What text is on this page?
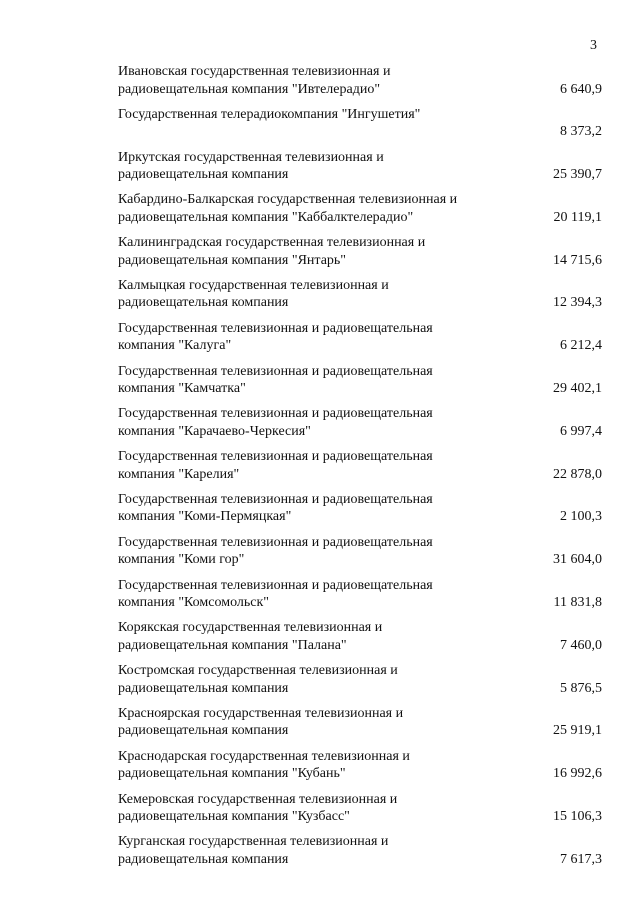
3
Ивановская государственная телевизионная и радиовещательная компания "Ивтелерадио"	6 640,9
Государственная телерадиокомпания "Ингушетия"
8 373,2
Иркутская государственная телевизионная и радиовещательная компания	25 390,7
Кабардино-Балкарская государственная телевизионная и радиовещательная компания "Каббалктелерадио"	20 119,1
Калининградская государственная телевизионная и радиовещательная компания "Янтарь"	14 715,6
Калмыцкая государственная телевизионная и радиовещательная компания	12 394,3
Государственная телевизионная и радиовещательная компания "Калуга"	6 212,4
Государственная телевизионная и радиовещательная компания "Камчатка"	29 402,1
Государственная телевизионная и радиовещательная компания "Карачаево-Черкесия"	6 997,4
Государственная телевизионная и радиовещательная компания "Карелия"	22 878,0
Государственная телевизионная и радиовещательная компания "Коми-Пермяцкая"	2 100,3
Государственная телевизионная и радиовещательная компания "Коми гор"	31 604,0
Государственная телевизионная и радиовещательная компания "Комсомольск"	11 831,8
Корякская государственная телевизионная и радиовещательная компания "Палана"	7 460,0
Костромская государственная телевизионная и радиовещательная компания	5 876,5
Красноярская государственная телевизионная и радиовещательная компания	25 919,1
Краснодарская государственная телевизионная и радиовещательная компания "Кубань"	16 992,6
Кемеровская государственная телевизионная и радиовещательная компания "Кузбасс"	15 106,3
Курганская государственная телевизионная и радиовещательная компания	7 617,3
